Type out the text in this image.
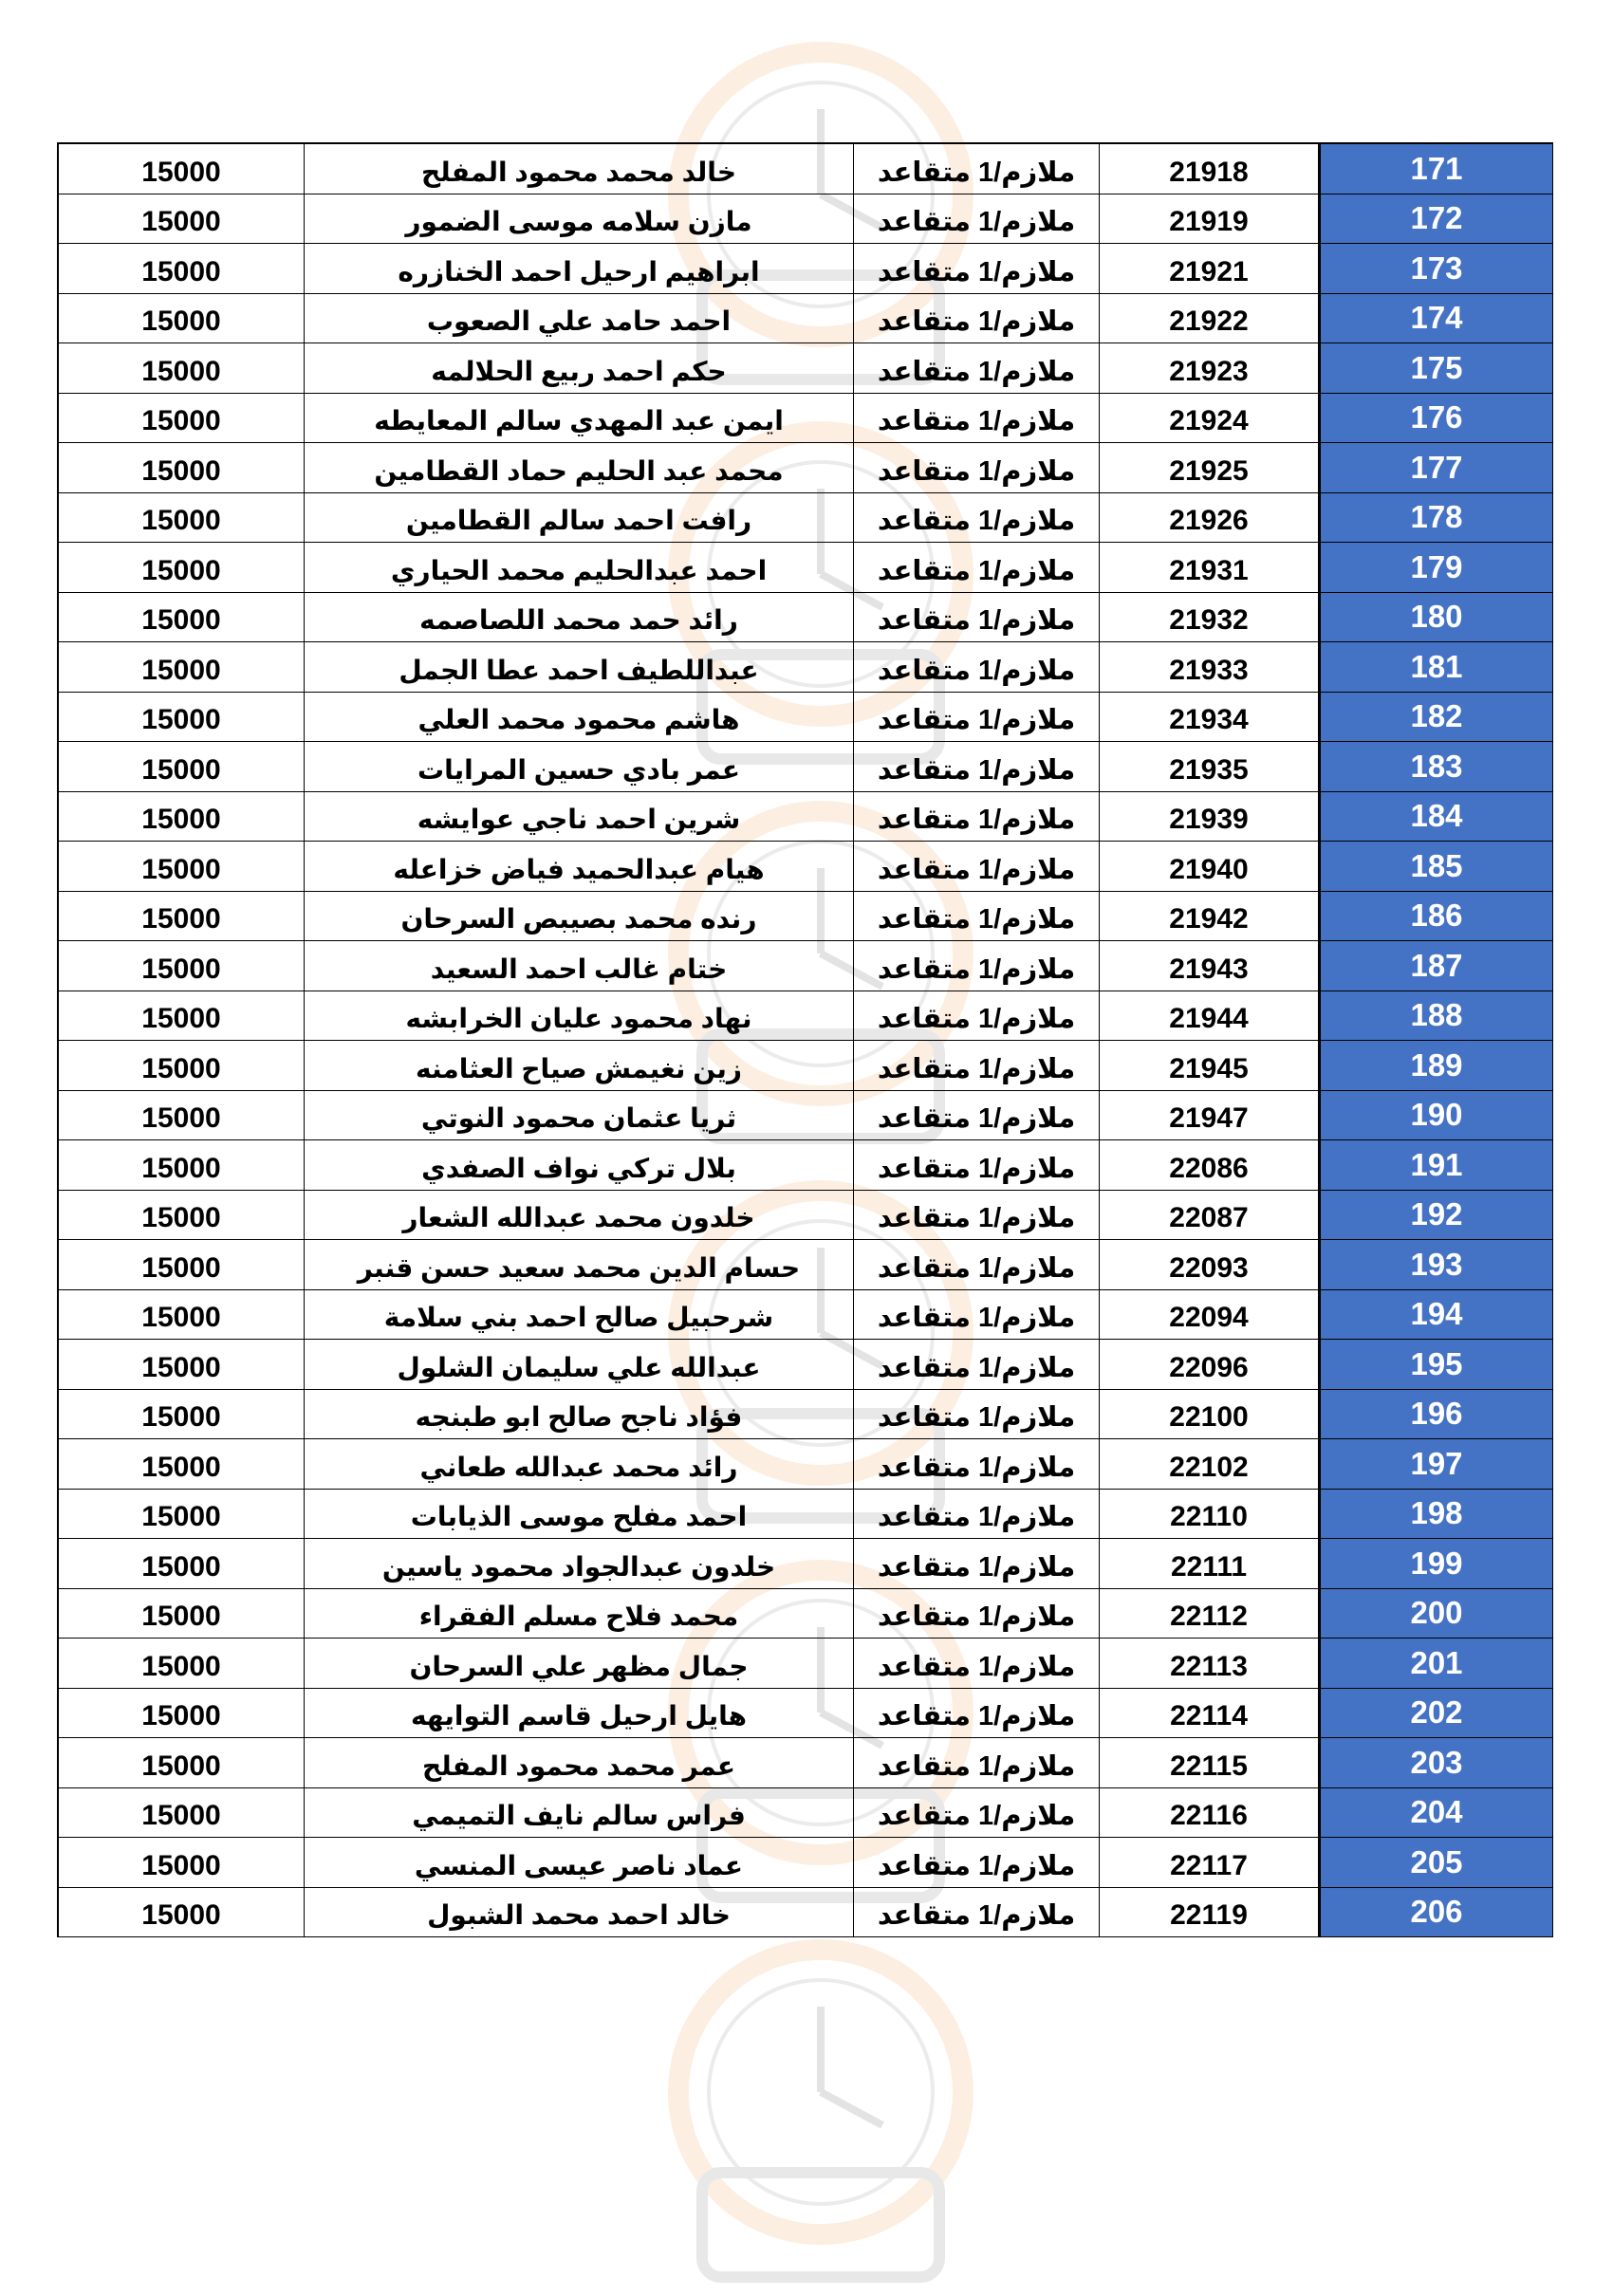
171	21918	ملازم/1 متقاعد	خالد محمد محمود المفلح	15000
172	21919	ملازم/1 متقاعد	مازن سلامه موسى الضمور	15000
173	21921	ملازم/1 متقاعد	ابراهيم ارحيل احمد الخنازره	15000
174	21922	ملازم/1 متقاعد	احمد حامد علي الصعوب	15000
175	21923	ملازم/1 متقاعد	حكم احمد ربيع الحلالمه	15000
176	21924	ملازم/1 متقاعد	ايمن عبد المهدي سالم المعايطه	15000
177	21925	ملازم/1 متقاعد	محمد عبد الحليم حماد القطامين	15000
178	21926	ملازم/1 متقاعد	رافت احمد سالم القطامين	15000
179	21931	ملازم/1 متقاعد	احمد عبدالحليم محمد الحياري	15000
180	21932	ملازم/1 متقاعد	رائد حمد محمد اللصاصمه	15000
181	21933	ملازم/1 متقاعد	عبداللطيف احمد عطا الجمل	15000
182	21934	ملازم/1 متقاعد	هاشم محمود محمد العلي	15000
183	21935	ملازم/1 متقاعد	عمر بادي حسين المرايات	15000
184	21939	ملازم/1 متقاعد	شرين احمد ناجي عوايشه	15000
185	21940	ملازم/1 متقاعد	هيام عبدالحميد فياض خزاعله	15000
186	21942	ملازم/1 متقاعد	رنده محمد بصيبص السرحان	15000
187	21943	ملازم/1 متقاعد	ختام غالب احمد السعيد	15000
188	21944	ملازم/1 متقاعد	نهاد محمود عليان الخرابشه	15000
189	21945	ملازم/1 متقاعد	زين نغيمش صياح العثامنه	15000
190	21947	ملازم/1 متقاعد	ثريا عثمان محمود النوتي	15000
191	22086	ملازم/1 متقاعد	بلال تركي نواف الصفدي	15000
192	22087	ملازم/1 متقاعد	خلدون محمد عبدالله الشعار	15000
193	22093	ملازم/1 متقاعد	حسام الدين محمد سعيد حسن قنبر	15000
194	22094	ملازم/1 متقاعد	شرحبيل صالح احمد بني سلامة	15000
195	22096	ملازم/1 متقاعد	عبدالله علي سليمان الشلول	15000
196	22100	ملازم/1 متقاعد	فؤاد ناجح صالح ابو طبنجه	15000
197	22102	ملازم/1 متقاعد	رائد محمد عبدالله طعاني	15000
198	22110	ملازم/1 متقاعد	احمد مفلح موسى الذيابات	15000
199	22111	ملازم/1 متقاعد	خلدون عبدالجواد محمود ياسين	15000
200	22112	ملازم/1 متقاعد	محمد فلاح مسلم الفقراء	15000
201	22113	ملازم/1 متقاعد	جمال مظهر علي السرحان	15000
202	22114	ملازم/1 متقاعد	هايل ارحيل قاسم التوايهه	15000
203	22115	ملازم/1 متقاعد	عمر محمد محمود المفلح	15000
204	22116	ملازم/1 متقاعد	فراس سالم نايف التميمي	15000
205	22117	ملازم/1 متقاعد	عماد ناصر عيسى المنسي	15000
206	22119	ملازم/1 متقاعد	خالد احمد محمد الشبول	15000
